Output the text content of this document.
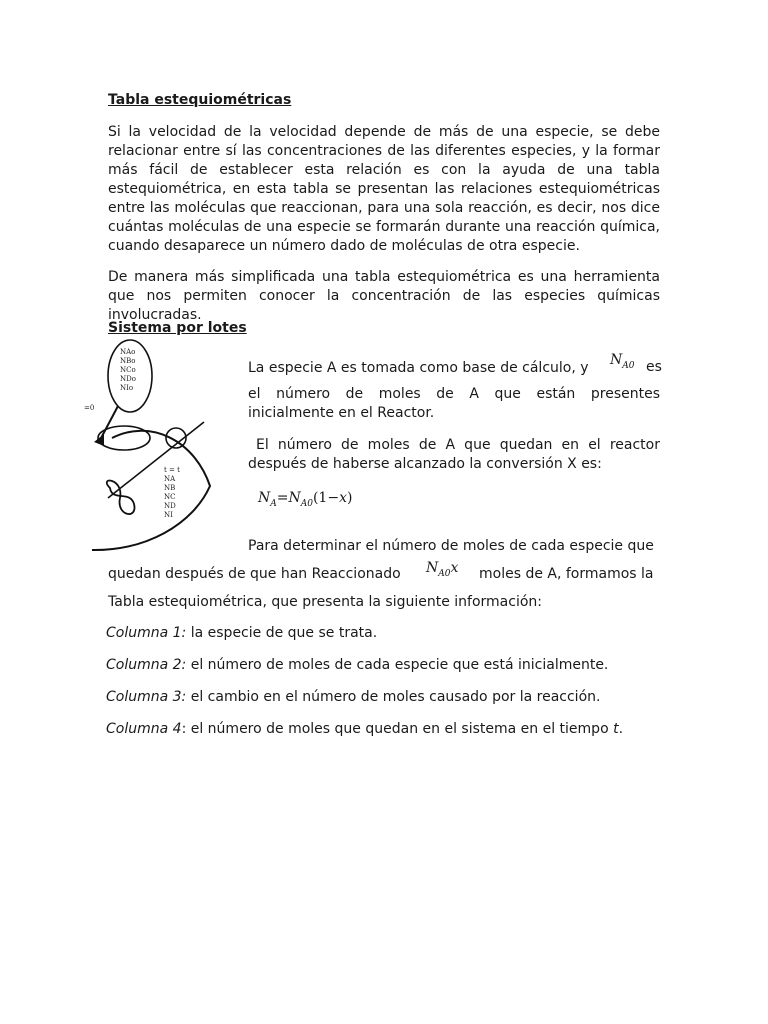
Tabla estequiométricas

Si la velocidad de la velocidad depende de más de una especie, se debe relacionar entre sí las concentraciones de las diferentes especies, y la formar más fácil de establecer esta relación es con la ayuda de una tabla estequiométrica, en esta tabla se presentan las relaciones estequiométricas entre las moléculas que reaccionan, para una sola reacción, es decir, nos dice cuántas moléculas de una especie se formarán durante una reacción química, cuando desaparece un número dado de moléculas de otra especie.

De manera más simplificada una tabla estequiométrica es una herramienta que nos permiten conocer la concentración de las especies químicas involucradas.

Sistema por lotes

=0
NAo
NBo
NCo
NDo
NIo
t = t
NA
NB
NC
ND
NI

La especie A es tomada como base de cálculo, y	$N_{A0}$ es

el número de moles de A que están presentes inicialmente en el Reactor.

El número de moles de A que quedan en el reactor después de haberse alcanzado la conversión X es:

$N_A=N_{A0}(1-x)$

Para determinar el número de moles de cada especie que

quedan después de que han Reaccionado $N_{A0}x$ moles de A, formamos la

Tabla estequiométrica, que presenta la siguiente información:

Columna 1: la especie de que se trata.

Columna 2: el número de moles de cada especie que está inicialmente.

Columna 3: el cambio en el número de moles causado por la reacción.

Columna 4: el número de moles que quedan en el sistema en el tiempo t.
